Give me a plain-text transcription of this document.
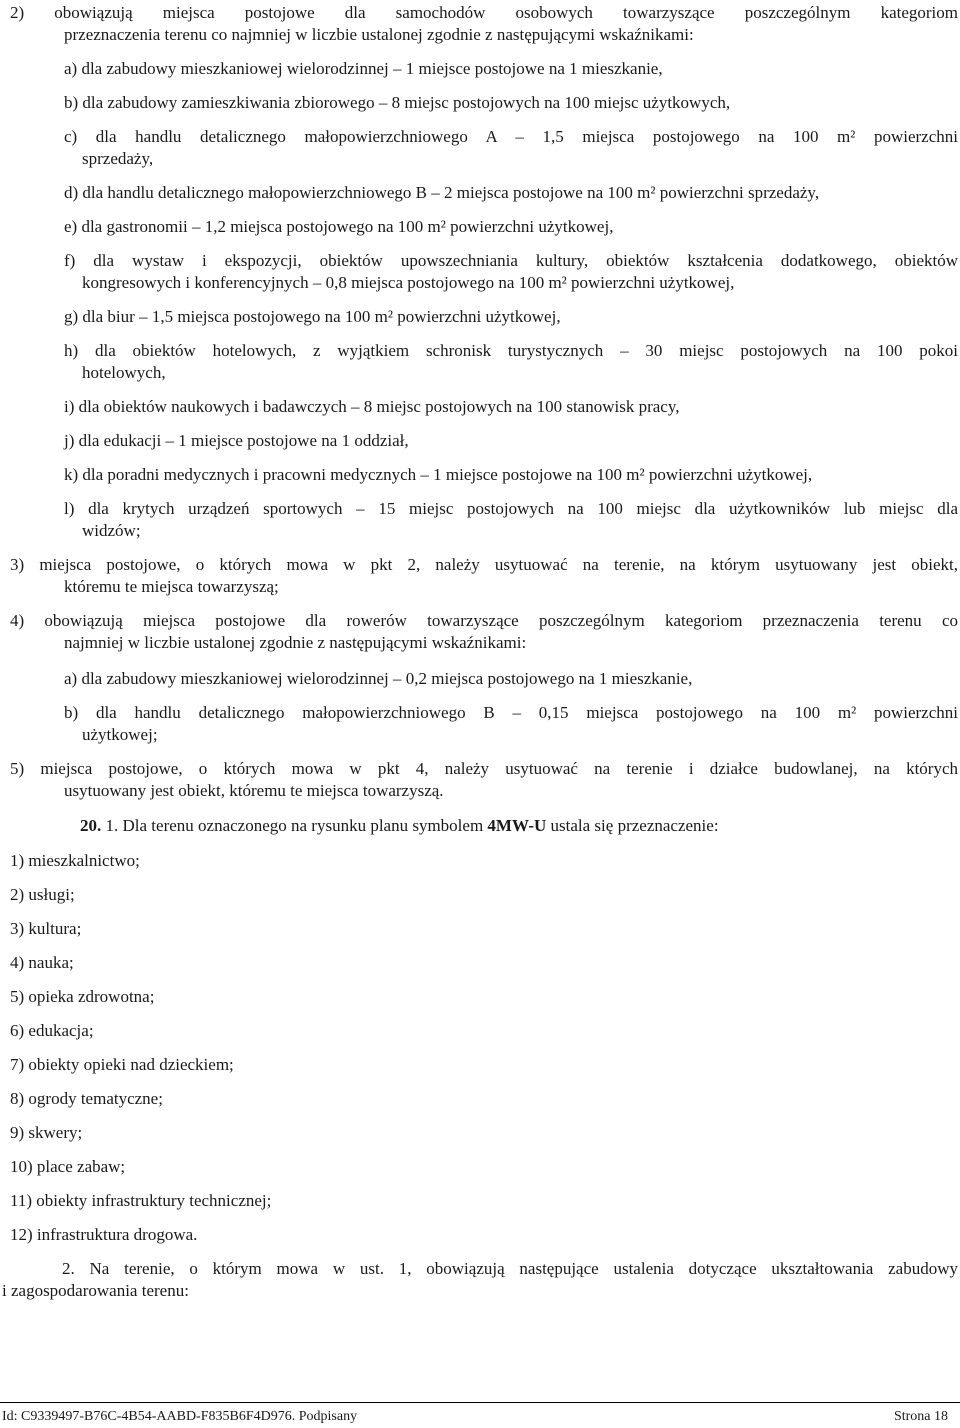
2) obowiązują miejsca postojowe dla samochodów osobowych towarzyszące poszczególnym kategoriom
przeznaczenia terenu co najmniej w liczbie ustalonej zgodnie z następującymi wskaźnikami:
a) dla zabudowy mieszkaniowej wielorodzinnej – 1 miejsce postojowe na 1 mieszkanie,
b) dla zabudowy zamieszkiwania zbiorowego – 8 miejsc postojowych na 100 miejsc użytkowych,
c) dla handlu detalicznego małopowierzchniowego A – 1,5 miejsca postojowego na 100 m² powierzchni
sprzedaży,
d) dla handlu detalicznego małopowierzchniowego B – 2 miejsca postojowe na 100 m² powierzchni sprzedaży,
e) dla gastronomii – 1,2 miejsca postojowego na 100 m² powierzchni użytkowej,
f) dla wystaw i ekspozycji, obiektów upowszechniania kultury, obiektów kształcenia dodatkowego, obiektów
kongresowych i konferencyjnych – 0,8 miejsca postojowego na 100 m² powierzchni użytkowej,
g) dla biur – 1,5 miejsca postojowego na 100 m² powierzchni użytkowej,
h) dla obiektów hotelowych, z wyjątkiem schronisk turystycznych – 30 miejsc postojowych na 100 pokoi
hotelowych,
i) dla obiektów naukowych i badawczych – 8 miejsc postojowych na 100 stanowisk pracy,
j) dla edukacji – 1 miejsce postojowe na 1 oddział,
k) dla poradni medycznych i pracowni medycznych – 1 miejsce postojowe na 100 m² powierzchni użytkowej,
l) dla krytych urządzeń sportowych – 15 miejsc postojowych na 100 miejsc dla użytkowników lub miejsc dla
widzów;
3) miejsca postojowe, o których mowa w pkt 2, należy usytuować na terenie, na którym usytuowany jest obiekt,
któremu te miejsca towarzyszą;
4) obowiązują miejsca postojowe dla rowerów towarzyszące poszczególnym kategoriom przeznaczenia terenu co
najmniej w liczbie ustalonej zgodnie z następującymi wskaźnikami:
a) dla zabudowy mieszkaniowej wielorodzinnej – 0,2 miejsca postojowego na 1 mieszkanie,
b) dla handlu detalicznego małopowierzchniowego B – 0,15 miejsca postojowego na 100 m² powierzchni
użytkowej;
5) miejsca postojowe, o których mowa w pkt 4, należy usytuować na terenie i działce budowlanej, na których
usytuowany jest obiekt, któremu te miejsca towarzyszą.
20. 1. Dla terenu oznaczonego na rysunku planu symbolem 4MW-U ustala się przeznaczenie:
1) mieszkalnictwo;
2) usługi;
3) kultura;
4) nauka;
5) opieka zdrowotna;
6) edukacja;
7) obiekty opieki nad dzieckiem;
8) ogrody tematyczne;
9) skwery;
10) place zabaw;
11) obiekty infrastruktury technicznej;
12) infrastruktura drogowa.
2. Na terenie, o którym mowa w ust. 1, obowiązują następujące ustalenia dotyczące ukształtowania zabudowy
i zagospodarowania terenu:
Id: C9339497-B76C-4B54-AABD-F835B6F4D976. Podpisany	Strona 18
